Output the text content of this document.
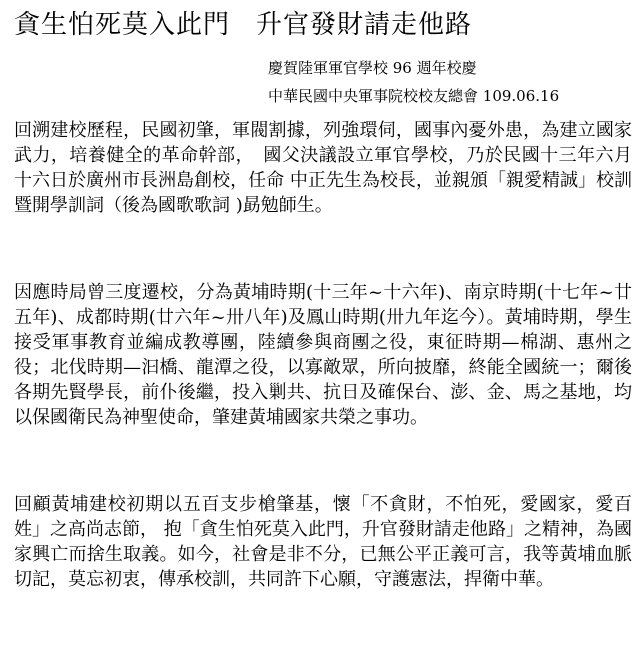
貪生怕死莫入此門 升官發財請走他路
慶賀陸軍軍官學校 96 週年校慶
中華民國中央軍事院校校友總會 109.06.16

回溯建校歷程，民國初肇，軍閥割據，列強環伺，國事內憂外患，為建立國家武力，培養健全的革命幹部，　國父決議設立軍官學校，乃於民國十三年六月十六日於廣州市長洲島創校，任命 中正先生為校長，並親頒「親愛精誠」校訓暨開學訓詞（後為國歌歌詞 )勗勉師生。

因應時局曾三度遷校，分為黃埔時期(十三年~十六年)、南京時期(十七年~廿五年)、成都時期(廿六年~卅八年)及鳳山時期(卅九年迄今）。黃埔時期，學生接受軍事教育並編成教導團，陸續參與商團之役，東征時期—棉湖、惠州之役；北伐時期—汩橋、龍潭之役，以寡敵眾，所向披靡，終能全國統一；爾後各期先賢學長，前仆後繼，投入剿共、抗日及確保台、澎、金、馬之基地，均以保國衛民為神聖使命，肇建黃埔國家共榮之事功。

回顧黃埔建校初期以五百支步槍肇基，懷「不貪財，不怕死，愛國家，愛百姓」之高尚志節， 抱「貪生怕死莫入此門，升官發財請走他路」之精神，為國家興亡而捨生取義。如今，社會是非不分，已無公平正義可言，我等黃埔血脈切記，莫忘初衷，傳承校訓，共同許下心願，守護憲法，捍衛中華。
